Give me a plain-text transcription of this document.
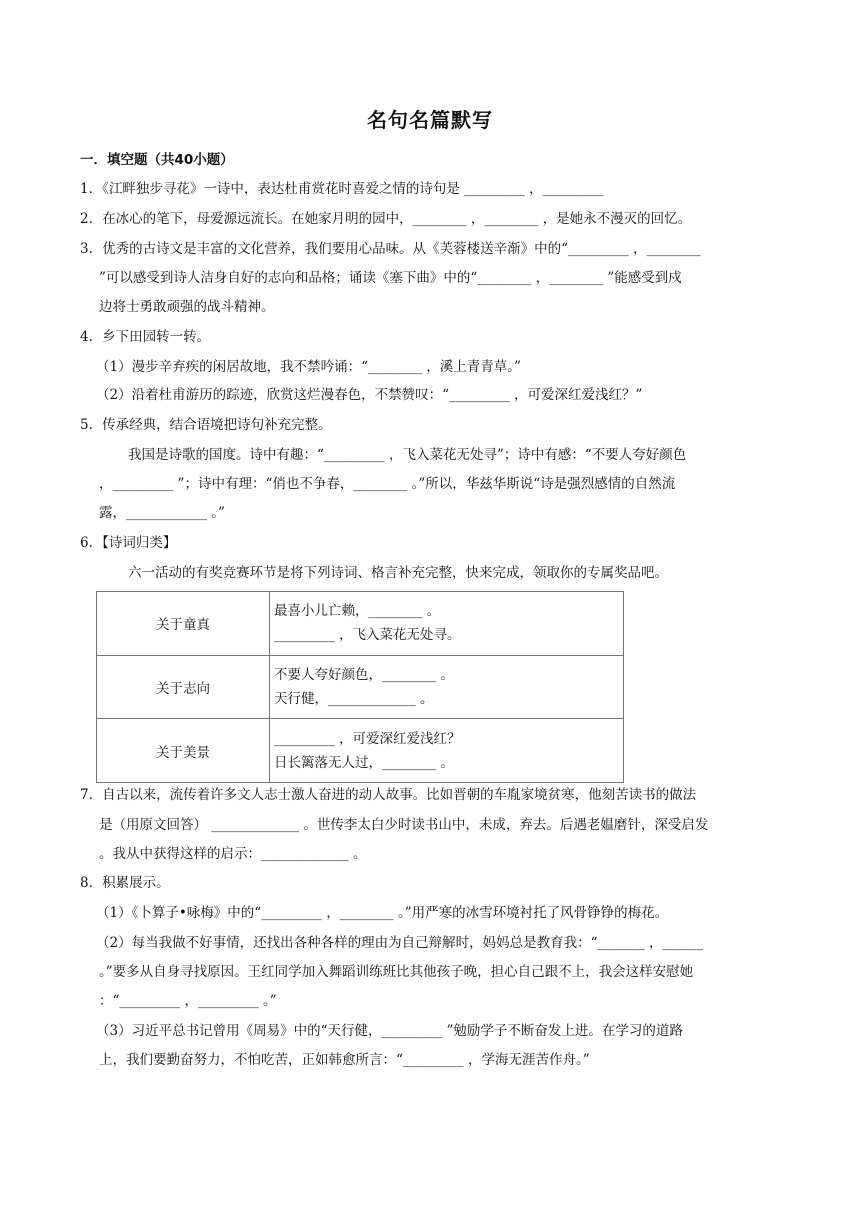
名句名篇默写
一．填空题（共40小题）
1．《江畔独步寻花》一诗中，表达杜甫赏花时喜爱之情的诗句是 _________ ，_________
2．在冰心的笔下，母爱源远流长。在她家月明的园中，________ ，________ ，是她永不漫灭的回忆。
3．优秀的古诗文是丰富的文化营养，我们要用心品味。从《芙蓉楼送辛渐》中的“_________ ，________
”可以感受到诗人洁身自好的志向和品格；诵读《塞下曲》中的“________ ，________ ”能感受到戍
边将士勇敢顽强的战斗精神。
4．乡下田园转一转。
（1）漫步辛弃疾的闲居故地，我不禁吟诵：“________ ，溪上青青草。”
（2）沿着杜甫游历的踪迹，欣赏这烂漫春色，不禁赞叹：“_________ ，可爱深红爱浅红？”
5．传承经典，结合语境把诗句补充完整。
我国是诗歌的国度。诗中有趣：“_________ ，飞入菜花无处寻”；诗中有感：“不要人夸好颜色
，_________ ”；诗中有理：“俏也不争春，________ 。”所以，华兹华斯说“诗是强烈感情的自然流
露，____________ 。”
6．【诗词归类】
六一活动的有奖竞赛环节是将下列诗词、格言补充完整，快来完成，领取你的专属奖品吧。
关于童真	最喜小儿亡赖，________ 。
_________ ，飞入菜花无处寻。

关于志向	不要人夸好颜色，________ 。
天行健，_____________ 。

关于美景	_________ ，可爱深红爱浅红？
日长篱落无人过，________ 。
7．自古以来，流传着许多文人志士激人奋进的动人故事。比如晋朝的车胤家境贫寒，他刻苦读书的做法
是（用原文回答） _____________ 。世传李太白少时读书山中，未成，弃去。后遇老媪磨针，深受启发
。我从中获得这样的启示：_____________ 。
8．积累展示。
（1）《卜算子•咏梅》中的“_________ ，________ 。”用严寒的冰雪环境衬托了风骨铮铮的梅花。
（2）每当我做不好事情，还找出各种各样的理由为自己辩解时，妈妈总是教育我：“_______ ，______
。”要多从自身寻找原因。王红同学加入舞蹈训练班比其他孩子晚，担心自己跟不上，我会这样安慰她
：“_________ ，_________ 。”
（3）习近平总书记曾用《周易》中的“天行健，_________ ”勉励学子不断奋发上进。在学习的道路
上，我们要勤奋努力，不怕吃苦，正如韩愈所言：“_________ ，学海无涯苦作舟。”
